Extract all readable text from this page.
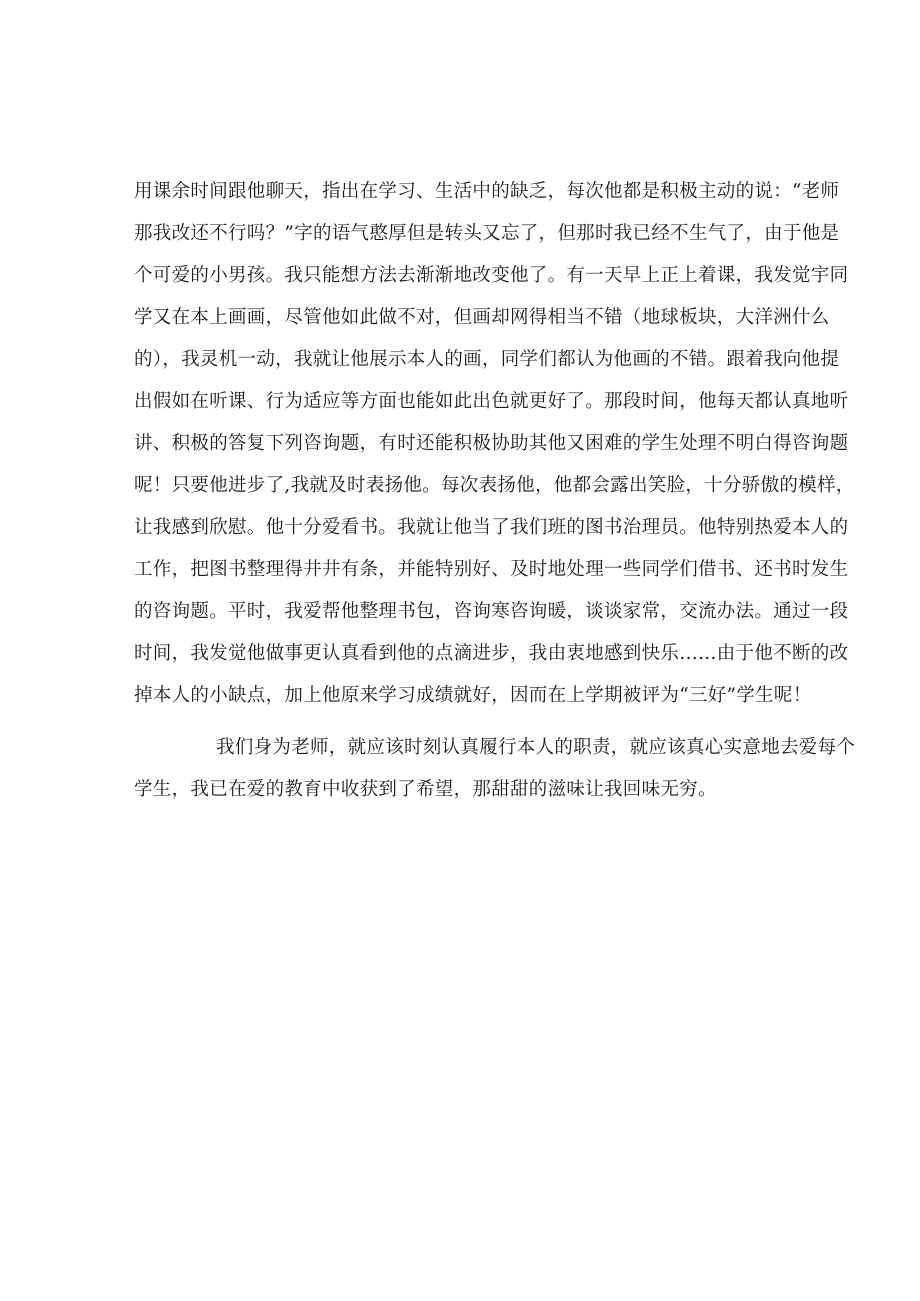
用课余时间跟他聊天，指出在学习、生活中的缺乏，每次他都是积极主动的说：“老师
那我改还不行吗？”字的语气憨厚但是转头又忘了，但那时我已经不生气了，由于他是
个可爱的小男孩。我只能想方法去渐渐地改变他了。有一天早上正上着课，我发觉宇同
学又在本上画画，尽管他如此做不对，但画却网得相当不错（地球板块，大洋洲什么
的），我灵机一动，我就让他展示本人的画，同学们都认为他画的不错。跟着我向他提
出假如在听课、行为适应等方面也能如此出色就更好了。那段时间，他每天都认真地听
讲、积极的答复下列咨询题，有时还能积极协助其他又困难的学生处理不明白得咨询题
呢！只要他进步了,我就及时表扬他。每次表扬他，他都会露出笑脸，十分骄傲的模样，
让我感到欣慰。他十分爱看书。我就让他当了我们班的图书治理员。他特别热爱本人的
工作，把图书整理得井井有条，并能特别好、及时地处理一些同学们借书、还书时发生
的咨询题。平时，我爱帮他整理书包，咨询寒咨询暖，谈谈家常，交流办法。通过一段
时间，我发觉他做事更认真看到他的点滴进步，我由衷地感到快乐……由于他不断的改
掉本人的小缺点，加上他原来学习成绩就好，因而在上学期被评为“三好”学生呢！
我们身为老师，就应该时刻认真履行本人的职责，就应该真心实意地去爱每个
学生，我已在爱的教育中收获到了希望，那甜甜的滋味让我回味无穷。
